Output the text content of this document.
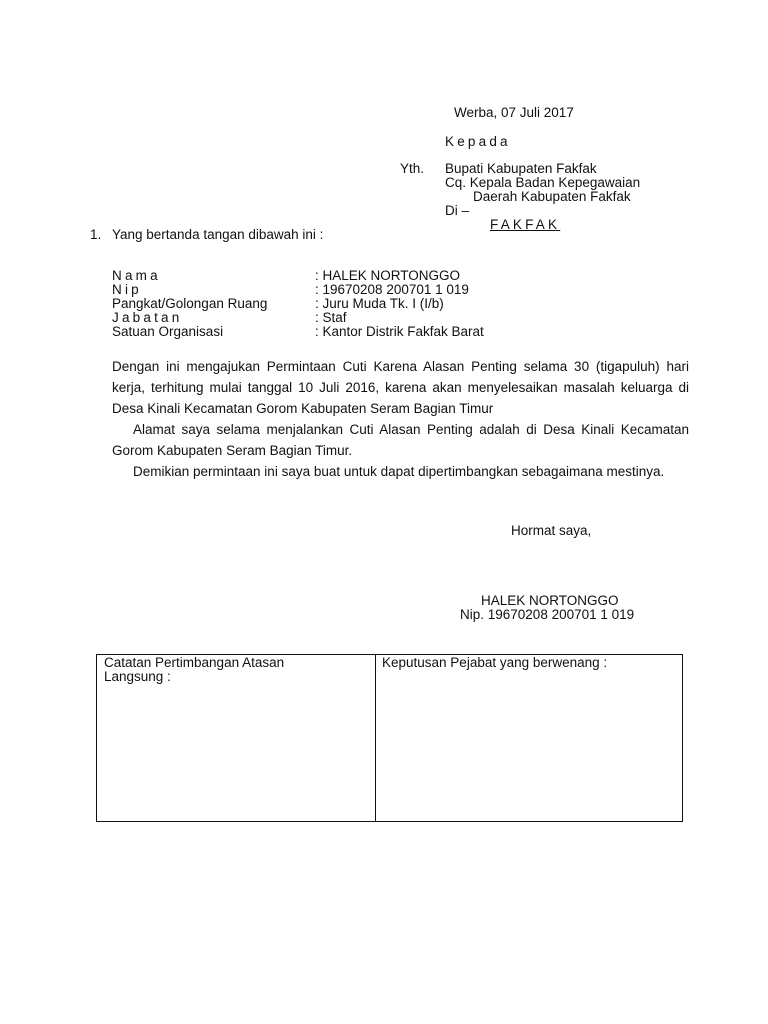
Werba, 07 Juli 2017
Kepada
Yth. Bupati Kabupaten Fakfak
Cq. Kepala Badan Kepegawaian
Daerah Kabupaten Fakfak
Di –
FAKFAK
1. Yang bertanda tangan dibawah ini :
Nama	: HALEK NORTONGGO
Nip	: 19670208 200701 1 019
Pangkat/Golongan Ruang	: Juru Muda Tk. I (I/b)
Jabatan	: Staf
Satuan Organisasi	: Kantor Distrik Fakfak Barat

Dengan ini mengajukan Permintaan Cuti Karena Alasan Penting selama 30 (tigapuluh) hari kerja, terhitung mulai tanggal 10 Juli 2016, karena akan menyelesaikan masalah keluarga di Desa Kinali Kecamatan Gorom Kabupaten Seram Bagian Timur

Alamat saya selama menjalankan Cuti Alasan Penting adalah di Desa Kinali Kecamatan Gorom Kabupaten Seram Bagian Timur.

Demikian permintaan ini saya buat untuk dapat dipertimbangkan sebagaimana mestinya.

Hormat saya,
HALEK NORTONGGO
Nip. 19670208 200701 1 019
Catatan Pertimbangan Atasan Langsung :
Keputusan Pejabat yang berwenang :
